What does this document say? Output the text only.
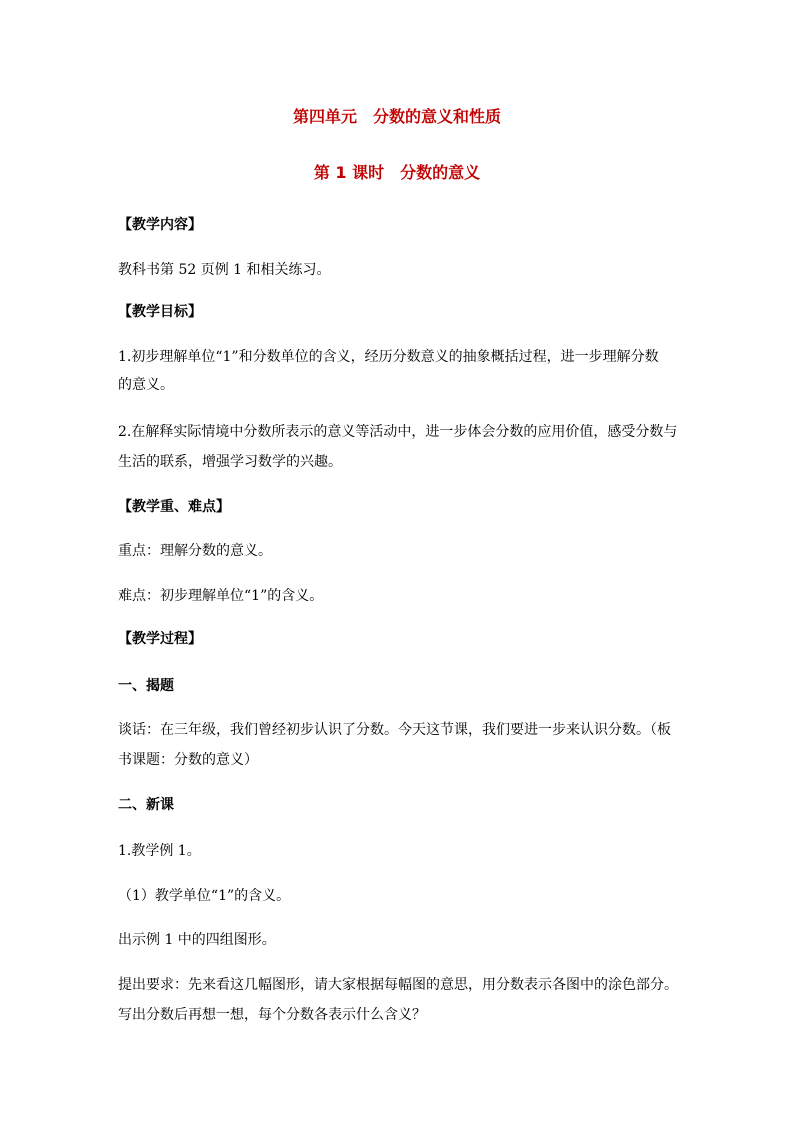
第四单元　分数的意义和性质
第 1 课时　分数的意义
【教学内容】
教科书第 52 页例 1 和相关练习。
【教学目标】
1.初步理解单位“1”和分数单位的含义，经历分数意义的抽象概括过程，进一步理解分数
的意义。
2.在解释实际情境中分数所表示的意义等活动中，进一步体会分数的应用价值，感受分数与
生活的联系，增强学习数学的兴趣。
【教学重、难点】
重点：理解分数的意义。
难点：初步理解单位“1”的含义。
【教学过程】
一、揭题
谈话：在三年级，我们曾经初步认识了分数。今天这节课，我们要进一步来认识分数。（板
书课题：分数的意义）
二、新课
1.教学例 1。
（1）教学单位“1”的含义。
出示例 1 中的四组图形。
提出要求：先来看这几幅图形，请大家根据每幅图的意思，用分数表示各图中的涂色部分。
写出分数后再想一想，每个分数各表示什么含义？
